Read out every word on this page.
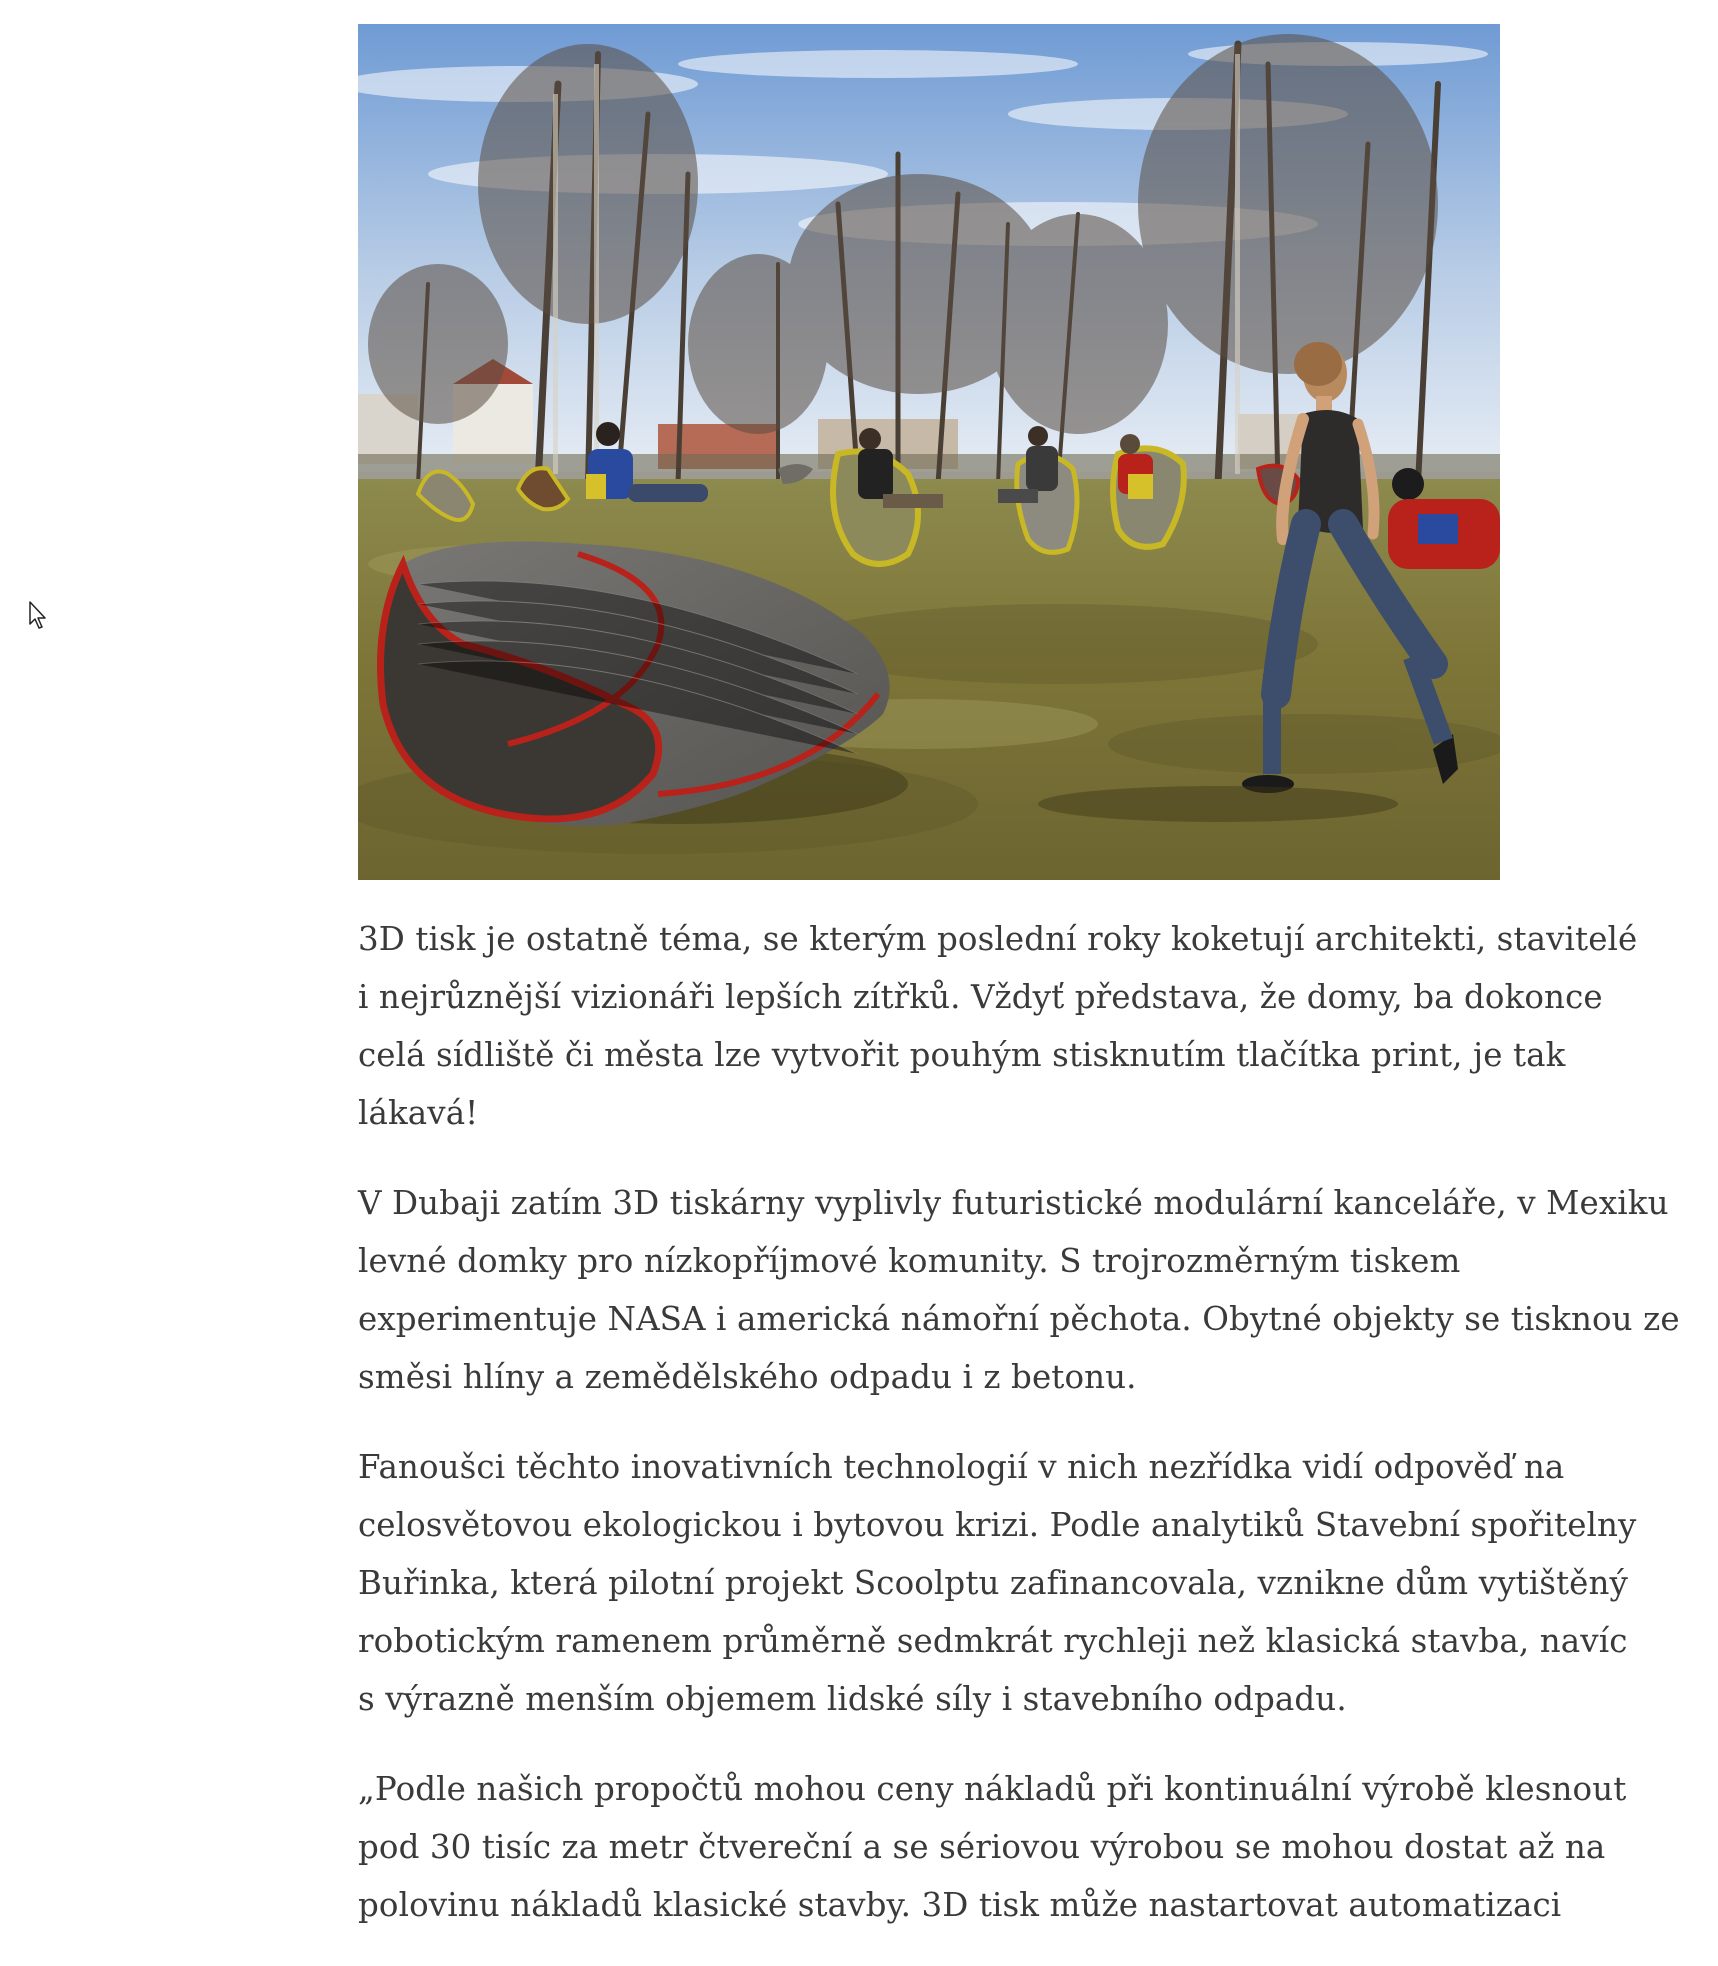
3D tisk je ostatně téma, se kterým poslední roky koketují architekti, stavitelé
i nejrůznější vizionáři lepších zítřků. Vždyť představa, že domy, ba dokonce
celá sídliště či města lze vytvořit pouhým stisknutím tlačítka print, je tak
lákavá!

V Dubaji zatím 3D tiskárny vyplivly futuristické modulární kanceláře, v Mexiku
levné domky pro nízkopříjmové komunity. S trojrozměrným tiskem
experimentuje NASA i americká námořní pěchota. Obytné objekty se tisknou ze
směsi hlíny a zemědělského odpadu i z betonu.

Fanoušci těchto inovativních technologií v nich nezřídka vidí odpověď na
celosvětovou ekologickou i bytovou krizi. Podle analytiků Stavební spořitelny
Buřinka, která pilotní projekt Scoolptu zafinancovala, vznikne dům vytištěný
robotickým ramenem průměrně sedmkrát rychleji než klasická stavba, navíc
s výrazně menším objemem lidské síly i stavebního odpadu.

„Podle našich propočtů mohou ceny nákladů při kontinuální výrobě klesnout
pod 30 tisíc za metr čtvereční a se sériovou výrobou se mohou dostat až na
polovinu nákladů klasické stavby. 3D tisk může nastartovat automatizaci
